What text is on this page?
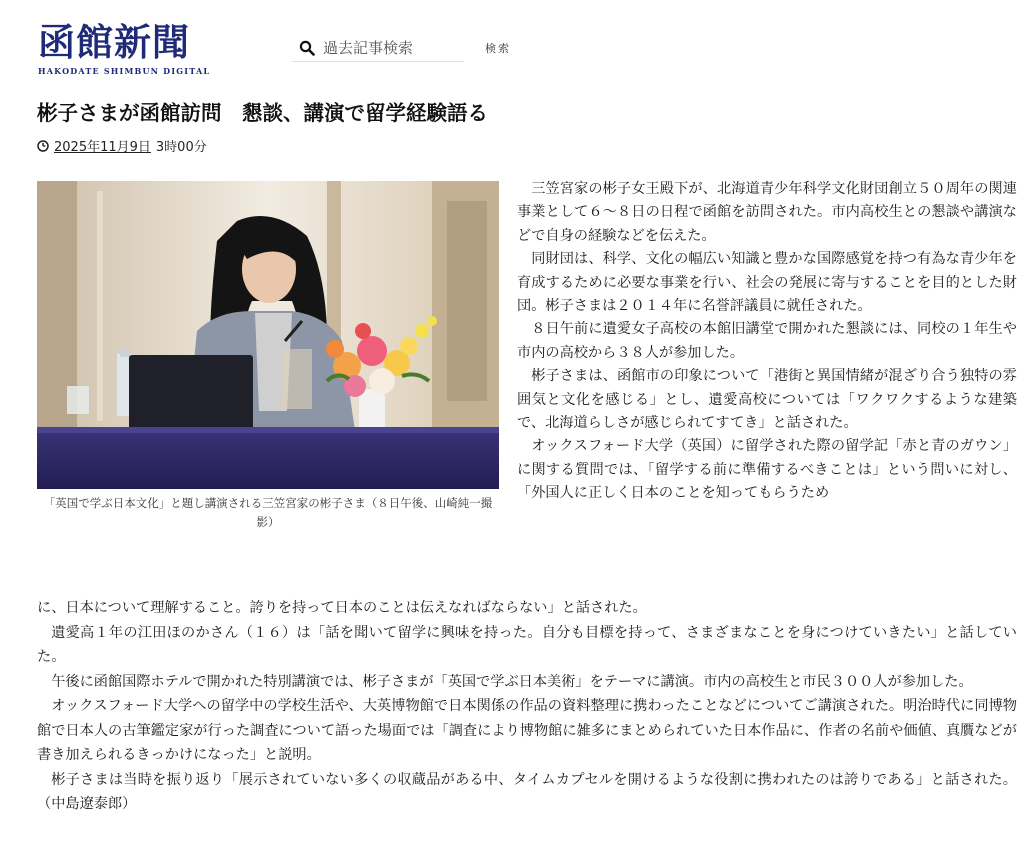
函館新聞
HAKODATE SHIMBUN DIGITAL
過去記事検索
検索
彬子さまが函館訪問　懇談、講演で留学経験語る
2025年11月9日 3時00分
「英国で学ぶ日本文化」と題し講演される三笠宮家の彬子さま（８日午後、山崎純一撮影）

三笠宮家の彬子女王殿下が、北海道青少年科学文化財団創立５０周年の関連事業として６～８日の日程で函館を訪問された。市内高校生との懇談や講演などで自身の経験などを伝えた。

同財団は、科学、文化の幅広い知識と豊かな国際感覚を持つ有為な青少年を育成するために必要な事業を行い、社会の発展に寄与することを目的とした財団。彬子さまは２０１４年に名誉評議員に就任された。

８日午前に遺愛女子高校の本館旧講堂で開かれた懇談には、同校の１年生や市内の高校から３８人が参加した。

彬子さまは、函館市の印象について「港街と異国情緒が混ざり合う独特の雰囲気と文化を感じる」とし、遺愛高校については「ワクワクするような建築で、北海道らしさが感じられてすてき」と話された。

オックスフォード大学（英国）に留学された際の留学記「赤と青のガウン」に関する質問では、「留学する前に準備するべきことは」という問いに対し、「外国人に正しく日本のことを知ってもらうため

に、日本について理解すること。誇りを持って日本のことは伝えなればならない」と話された。

遺愛高１年の江田ほのかさん（１６）は「話を聞いて留学に興味を持った。自分も目標を持って、さまざまなことを身につけていきたい」と話していた。

午後に函館国際ホテルで開かれた特別講演では、彬子さまが「英国で学ぶ日本美術」をテーマに講演。市内の高校生と市民３００人が参加した。

オックスフォード大学への留学中の学校生活や、大英博物館で日本関係の作品の資料整理に携わったことなどについてご講演された。明治時代に同博物館で日本人の古筆鑑定家が行った調査について語った場面では「調査により博物館に雑多にまとめられていた日本作品に、作者の名前や価値、真贋などが書き加えられるきっかけになった」と説明。

彬子さまは当時を振り返り「展示されていない多くの収蔵品がある中、タイムカプセルを開けるような役割に携われたのは誇りである」と話された。（中島遼泰郎）
